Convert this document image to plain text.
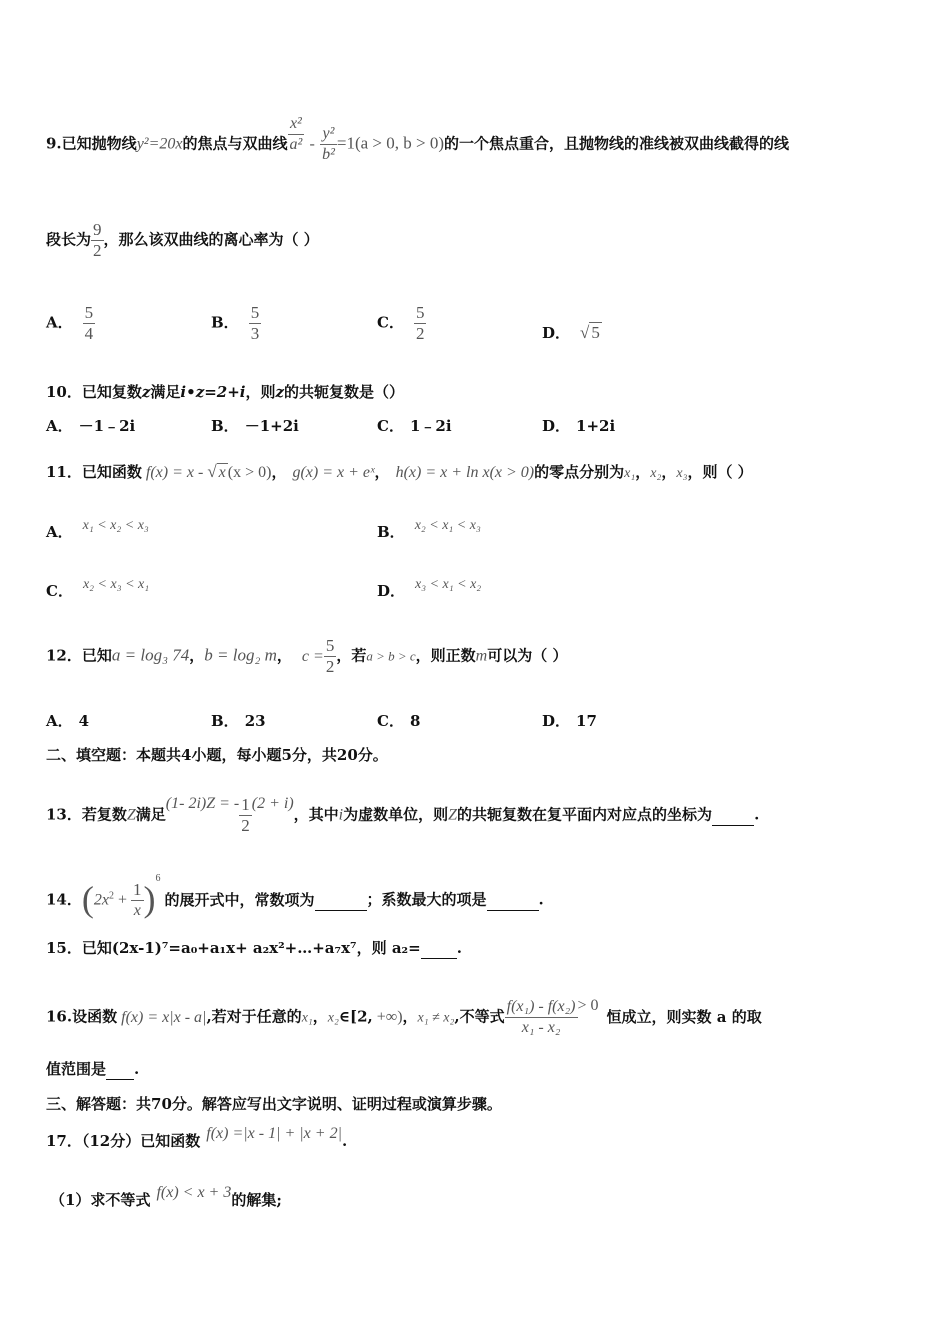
9.已知抛物线y²=20x的焦点与双曲线 $\frac{\text{x²}}{\text{a²}} - \frac{\text{y²}}{\text{b²}} =1(a > 0$, b > 0)的一个焦点重合，且抛物线的准线被双曲线截得的线
段长为 $\frac{9}{2}$ ，那么该双曲线的离心率为（ ）
A． $\frac{5}{4}$	B． $\frac{5}{3}$	C． $\frac{5}{2}$	D． √ 5
10．已知复数z满足i•z=2+i，则z的共轭复数是（）
A． －1﹣2i	B． －1+2i	C． 1﹣2i	D． 1+2i
11．已知函数 f(x) = x - √ x (x > 0)， g(x) = x + eˣ， h(x) = x + ln x(x > 0)的零点分别为x₁，x₂，x₃，则（ ）
A． x₁ < x₂ < x₃	B． x₂ < x₁ < x₃
C． x₂ < x₃ < x₁	D． x₃ < x₁ < x₂
12．已知a = log₃ 74，b = log₂ m， $c = \frac{5}{2}$ ，若a > b > c，则正数m可以为（ ）
A． 4	B． 23	C． 8	D． 17
二、填空题：本题共4小题，每小题5分，共20分。
13．若复数Z满足(1- 2i)Z = - $\frac{1}{2} (2 + i)$，其中i为虚数单位，则Z的共轭复数在复平面内对应点的坐标为	.
14．$(2x^2 + \frac{1}{x} )^6$的展开式中，常数项为	；系数最大的项是	.
15．已知(2x-1)⁷=a₀+a₁x+ a₂x²+…+a₇x⁷，则 a₂= .
16.设函数 f(x) = x|x - a|,若对于任意的x₁，x₂∈[2, +∞)，x₁ ≠ x₂,不等式 $\frac{\text{f(x₁) - f(x₂)}}{\text{x₁ - x₂}} > 0$恒成立，则实数 a 的取
值范围是 .
三、解答题：共70分。解答应写出文字说明、证明过程或演算步骤。
17．（12分）已知函数 f(x) =|x - 1| + |x + 2|.
（1）求不等式 f(x) < x + 3的解集;
